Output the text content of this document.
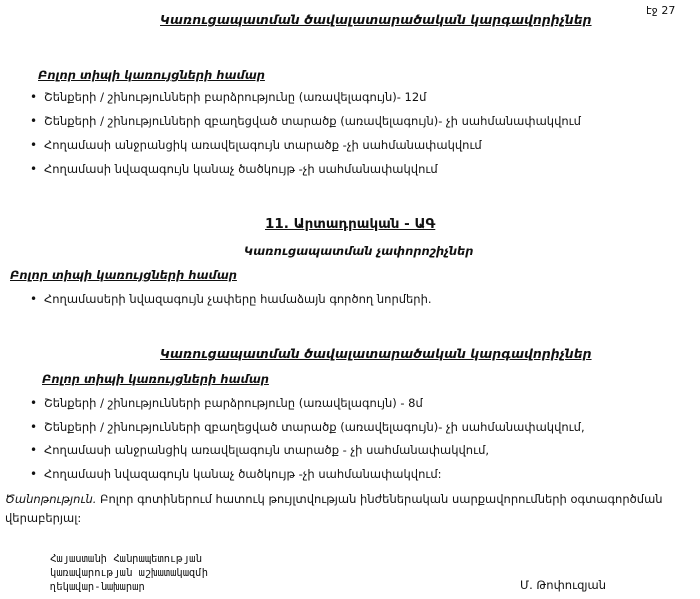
էջ 27
Կառուցապատման ծավալատարածական կարգավորիչներ
Բոլոր տիպի կառույցների համար
• Շենքերի / շինությունների բարձրությունը (առավելագույն)- 12մ
• Շենքերի / շինությունների զբաղեցված տարածք (առավելագույն)- չի սահմանափակվում
• Հողամասի անջրանցիկ առավելագույն տարածք -չի սահմանափակվում
• Հողամասի նվազագույն կանաչ ծածկույթ -չի սահմանափակվում
11. Արտադրական - ԱԳ
Կառուցապատման չափորոշիչներ
Բոլոր տիպի կառույցների համար
• Հողամասերի նվազագույն չափերը համաձայն գործող նորմերի.
Կառուցապատման ծավալատարածական կարգավորիչներ
Բոլոր տիպի կառույցների համար
• Շենքերի / շինությունների բարձրությունը (առավելագույն) - 8մ
• Շենքերի / շինությունների զբաղեցված տարածք (առավելագույն)- չի սահմանափակվում,
• Հողամասի անջրանցիկ առավելագույն տարածք - չի սահմանափակվում,
• Հողամասի նվազագույն կանաչ ծածկույթ -չի սահմանափակվում:
Ծանոթություն. Բոլոր գոտիներում հատուկ թույլտվության ինժեներական սարքավորումների օգտագործման վերաբերյալ:
Հայաստանի Հանրապետության
կառավարության աշխատակազմի
ղեկավար-նախարար	Մ. Թոփուզյան
